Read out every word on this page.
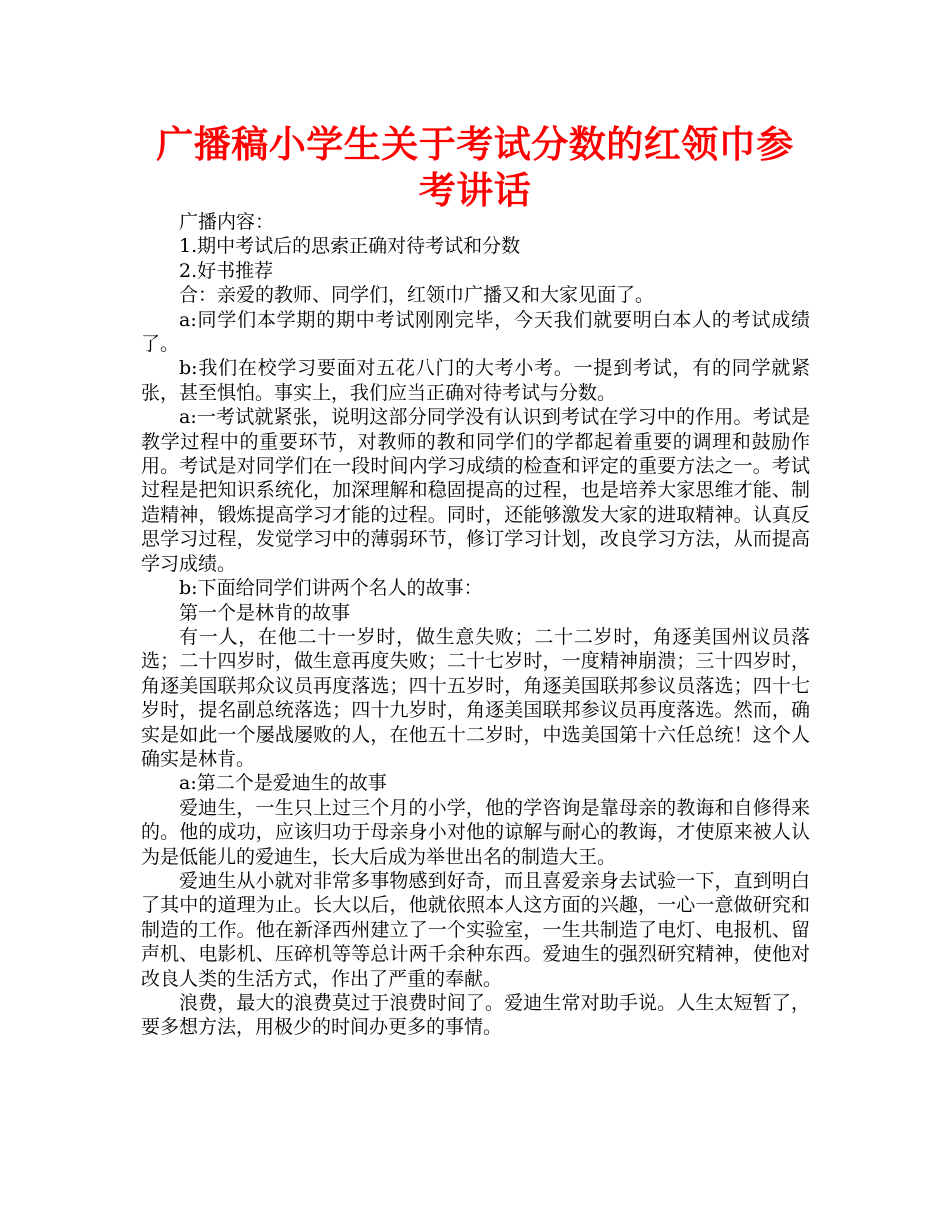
广播稿小学生关于考试分数的红领巾参考讲话

广播内容：

1.期中考试后的思索正确对待考试和分数

2.好书推荐

合：亲爱的教师、同学们，红领巾广播又和大家见面了。

a:同学们本学期的期中考试刚刚完毕，今天我们就要明白本人的考试成绩了。

b:我们在校学习要面对五花八门的大考小考。一提到考试，有的同学就紧张，甚至惧怕。事实上，我们应当正确对待考试与分数。

a:一考试就紧张，说明这部分同学没有认识到考试在学习中的作用。考试是教学过程中的重要环节，对教师的教和同学们的学都起着重要的调理和鼓励作用。考试是对同学们在一段时间内学习成绩的检查和评定的重要方法之一。考试过程是把知识系统化，加深理解和稳固提高的过程，也是培养大家思维才能、制造精神，锻炼提高学习才能的过程。同时，还能够激发大家的进取精神。认真反思学习过程，发觉学习中的薄弱环节，修订学习计划，改良学习方法，从而提高学习成绩。

b:下面给同学们讲两个名人的故事：

第一个是林肯的故事

有一人，在他二十一岁时，做生意失败；二十二岁时，角逐美国州议员落选；二十四岁时，做生意再度失败；二十七岁时，一度精神崩溃；三十四岁时，角逐美国联邦众议员再度落选；四十五岁时，角逐美国联邦参议员落选；四十七岁时，提名副总统落选；四十九岁时，角逐美国联邦参议员再度落选。然而，确实是如此一个屡战屡败的人，在他五十二岁时，中选美国第十六任总统！这个人确实是林肯。

a:第二个是爱迪生的故事

爱迪生，一生只上过三个月的小学，他的学咨询是靠母亲的教诲和自修得来的。他的成功，应该归功于母亲身小对他的谅解与耐心的教诲，才使原来被人认为是低能儿的爱迪生，长大后成为举世出名的制造大王。

爱迪生从小就对非常多事物感到好奇，而且喜爱亲身去试验一下，直到明白了其中的道理为止。长大以后，他就依照本人这方面的兴趣，一心一意做研究和制造的工作。他在新泽西州建立了一个实验室，一生共制造了电灯、电报机、留声机、电影机、压碎机等等总计两千余种东西。爱迪生的强烈研究精神，使他对改良人类的生活方式，作出了严重的奉献。

浪费，最大的浪费莫过于浪费时间了。爱迪生常对助手说。人生太短暂了，要多想方法，用极少的时间办更多的事情。
